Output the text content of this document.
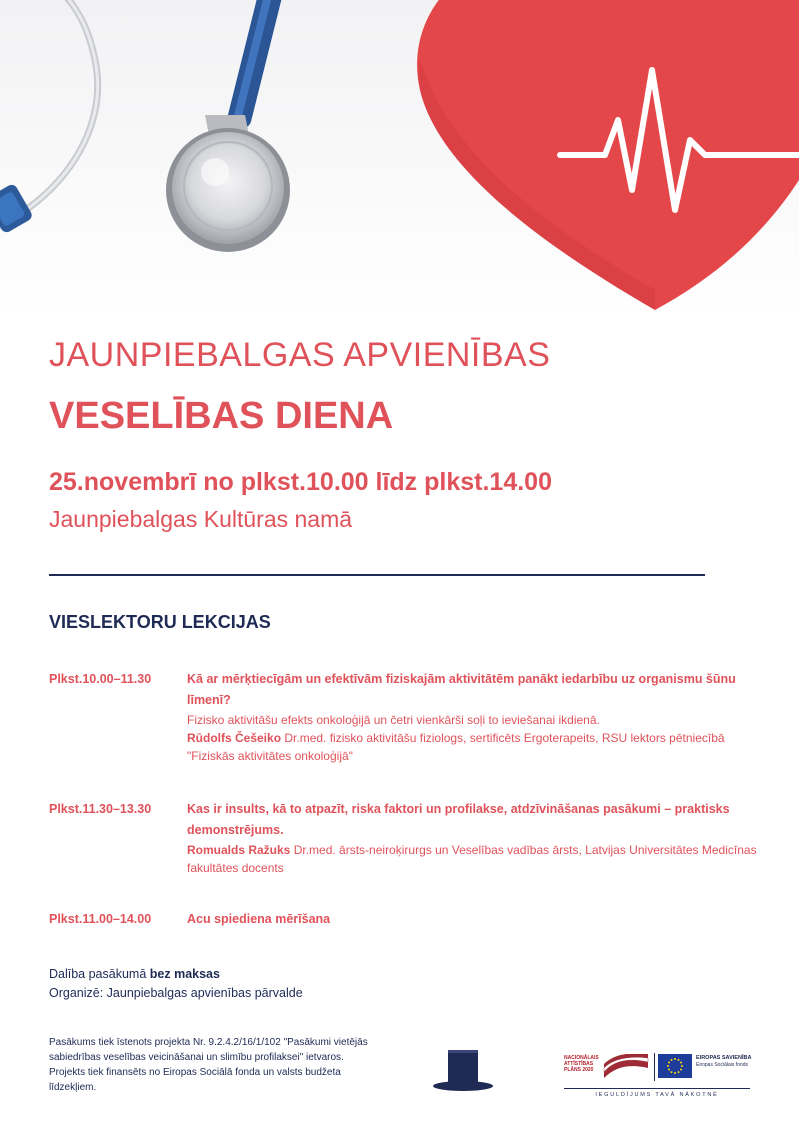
JAUNPIEBALGAS APVIENĪBAS
VESELĪBAS DIENA
25.novembrī no plkst.10.00 līdz plkst.14.00
Jaunpiebalgas Kultūras namā
VIESLEKTORU LEKCIJAS
Plkst.10.00–11.30	Kā ar mērķtiecīgām un efektīvām fiziskajām aktivitātēm panākt iedarbību uz organismu šūnu līmenī?
Fizisko aktivitāšu efekts onkoloģijā un četri vienkārši soļi to ieviešanai ikdienā.
Rūdolfs Češeiko Dr.med. fizisko aktivitāšu fiziologs, sertificēts Ergoterapeits, RSU lektors pētniecībā "Fiziskās aktivitātes onkoloģijā"
Plkst.11.30–13.30	Kas ir insults, kā to atpazīt, riska faktori un profilakse, atdzīvināšanas pasākumi – praktisks demonstrējums.
Romualds Ražuks Dr.med. ārsts-neiroķirurgs un Veselības vadības ārsts, Latvijas Universitātes Medicīnas fakultātes docents
Plkst.11.00–14.00	Acu spiediena mērīšana
Dalība pasākumā bez maksas
Organizē: Jaunpiebalgas apvienības pārvalde
Pasākums tiek īstenots projekta Nr. 9.2.4.2/16/1/102 "Pasākumi vietējās sabiedrības veselības veicināšanai un slimību profilaksei" ietvaros. Projekts tiek finansēts no Eiropas Sociālā fonda un valsts budžeta līdzekļiem.
NACIONĀLAIS ATTĪSTĪBAS PLĀNS 2020
EIROPAS SAVIENĪBA
Eiropas Sociālais fonds
IEGULDĪJUMS TAVĀ NĀKOTNĒ
